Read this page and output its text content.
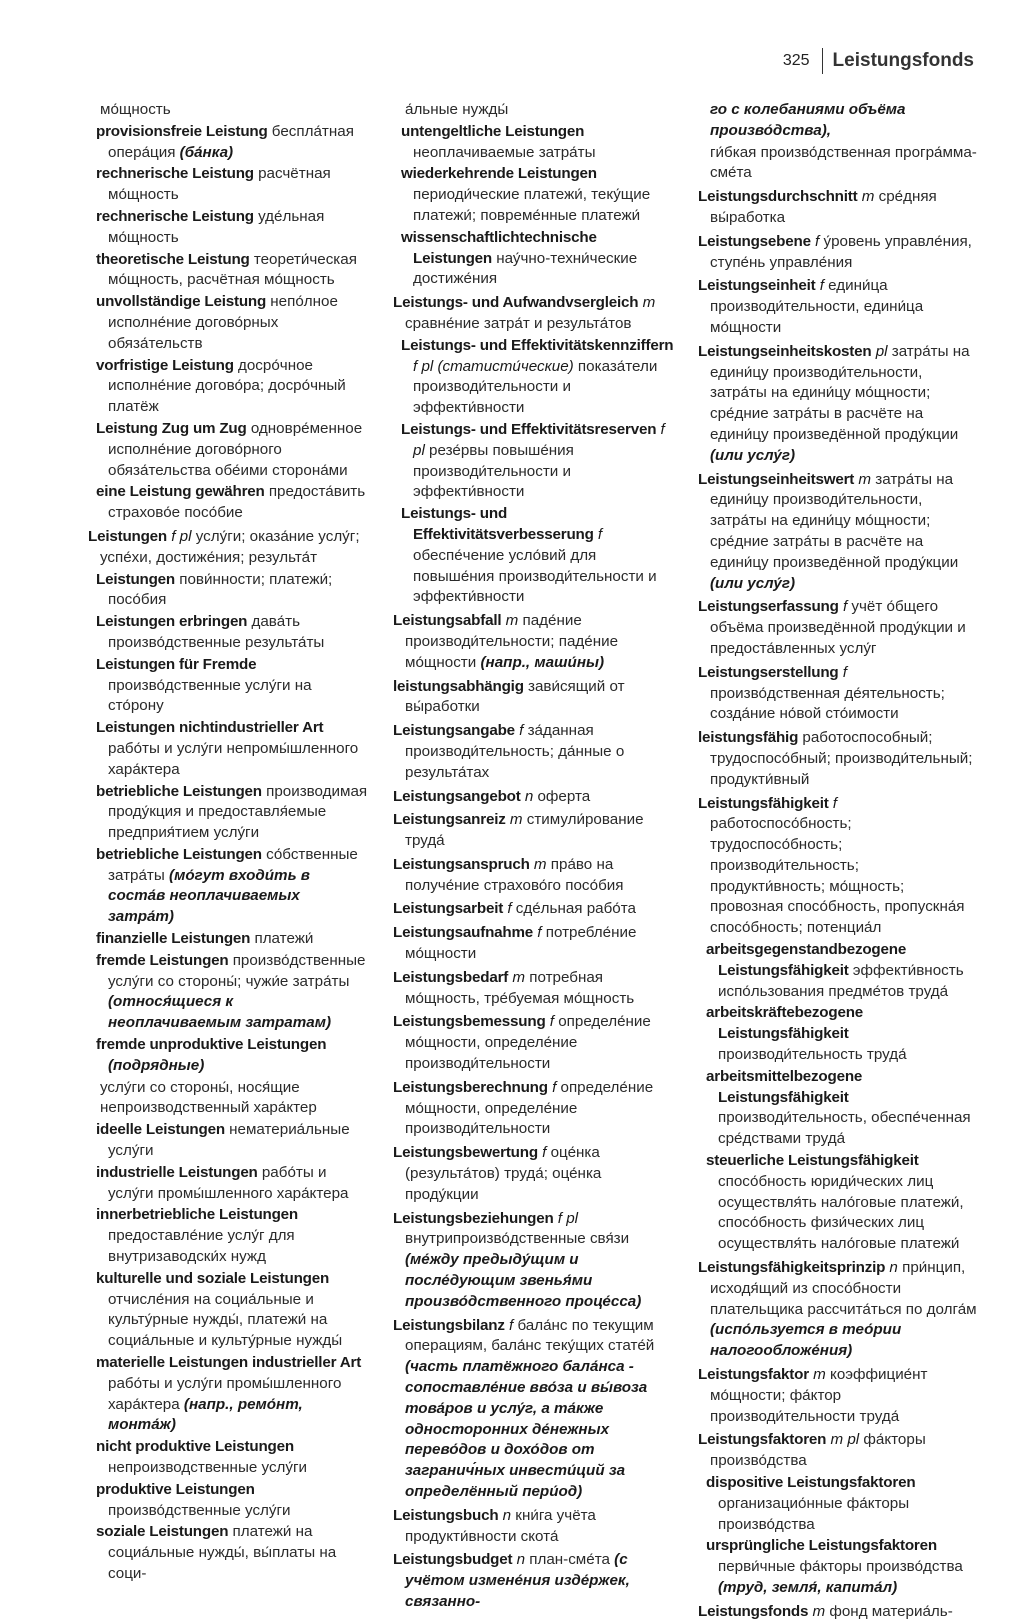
325 Leistungsfonds

мо́щность

provisionsfreie Leistung беспла́тная опера́ция (ба́нка)

rechnerische Leistung расчётная мо́щность

rechnerische Leistung уде́льная мо́щность

theoretische Leistung теорети́ческая мо́щность, расчётная мо́щность

unvollständige Leistung непо́лное исполне́ние догово́рных обяза́тельств

vorfristige Leistung досро́чное исполне́ние догово́ра; досро́чный платёж

Leistung Zug um Zug одновре́менное исполне́ние догово́рного обяза́тельства обе́ими сторона́ми

eine Leistung gewähren предоста́вить страхово́е посо́бие

Leistungen f pl услу́ги; оказа́ние услу́г; успе́хи, достиже́ния; результа́т

Leistungen пови́нности; платежи́; посо́бия

Leistungen erbringen дава́ть произво́дственные результа́ты

Leistungen für Fremde произво́дственные услу́ги на сто́рону

Leistungen nichtindustrieller Art рабо́ты и услу́ги непромы́шленного хара́ктера

betriebliche Leistungen производимая проду́кция и предоставля́емые предприя́тием услу́ги

betriebliche Leistungen со́бственные затра́ты (мо́гут входи́ть в соста́в неоплачиваемых затра́т)

finanzielle Leistungen платежи́

fremde Leistungen произво́дственные услу́ги со стороны́; чужи́е затра́ты (относя́щиеся к неоплачиваемым затратам)

fremde unproduktive Leistungen (подрядные)

услу́ги со стороны́, нося́щие непроизводственный хара́ктер

ideelle Leistungen нематериа́льные услу́ги

industrielle Leistungen рабо́ты и услу́ги промы́шленного хара́ктера

innerbetriebliche Leistungen предоставле́ние услу́г для внутризаводски́х нужд

kulturelle und soziale Leistungen отчисле́ния на социа́льные и культу́рные нужды́, платежи́ на социа́льные и культу́рные нужды́

materielle Leistungen industrieller Art рабо́ты и услу́ги промы́шленного хара́ктера (напр., ремо́нт, монта́ж)

nicht produktive Leistungen непроизводственные услу́ги

produktive Leistungen произво́дственные услу́ги

soziale Leistungen платежи́ на социа́льные нужды́, вы́платы на соци-

а́льные нужды́

untengeltliche Leistungen неоплачиваемые затра́ты

wiederkehrende Leistungen периоди́ческие платежи́, теку́щие платежи́; повреме́нные платежи́

wissenschaftlichtechnische Leistungen нау́чно-техни́ческие достиже́ния

Leistungs- und Aufwandvsergleich m сравне́ние затра́т и результа́тов

Leistungs- und Effektivitätskennziffern f pl (статисти́ческие) показа́тели производи́тельности и эффекти́вности

Leistungs- und Effektivitätsreserven f pl резе́рвы повыше́ния производи́тельности и эффекти́вности

Leistungs- und Effektivitätsverbesserung f обеспе́чение усло́вий для повыше́ния производи́тельности и эффекти́вности

Leistungsabfall m паде́ние производи́тельности; паде́ние мо́щности (напр., маши́ны)

leistungsabhängig зави́сящий от вы́работки

Leistungsangabe f за́данная производи́тельность; да́нные о результа́тах

Leistungsangebot n оферта

Leistungsanreiz m стимули́рование труда́

Leistungsanspruch m пра́во на получе́ние страхово́го посо́бия

Leistungsarbeit f сде́льная рабо́та

Leistungsaufnahme f потребле́ние мо́щности

Leistungsbedarf m потребная мо́щность, тре́буемая мо́щность

Leistungsbemessung f определе́ние мо́щности, определе́ние производи́тельности

Leistungsberechnung f определе́ние мо́щности, определе́ние производи́тельности

Leistungsbewertung f оце́нка (результа́тов) труда́; оце́нка проду́кции

Leistungsbeziehungen f pl внутрипроизво́дственные свя́зи (ме́жду предыду́щим и после́дующим звенья́ми произво́дственного проце́сса)

Leistungsbilanz f бала́нс по текущим операциям, бала́нс теку́щих стате́й (часть платёжного бала́нса - сопоставле́ние вво́за и вы́воза това́ров и услу́г, а та́кже односторонних де́нежных перево́дов и дохо́дов от загранич́ных инвести́ций за определённый пери́од)

Leistungsbuch n кни́га учёта продукти́вности скота́

Leistungsbudget n план-сме́та (с учётом измене́ния изде́ржек, связанно-

го с колебаниями объёма произво́дства),

ги́бкая произво́дственная програ́мма-сме́та

Leistungsdurchschnitt m сре́дняя вы́работка

Leistungsebene f у́ровень управле́ния, ступе́нь управле́ния

Leistungseinheit f едини́ца производи́тельности, едини́ца мо́щности

Leistungseinheitskosten pl затра́ты на едини́цу производи́тельности, затра́ты на едини́цу мо́щности; сре́дние затра́ты в расчёте на едини́цу произведённой проду́кции (или услу́г)

Leistungseinheitswert m затра́ты на едини́цу производи́тельности, затра́ты на едини́цу мо́щности; сре́дние затра́ты в расчёте на едини́цу произведённой проду́кции (или услу́г)

Leistungserfassung f учёт о́бщего объёма произведённой проду́кции и предоста́вленных услу́г

Leistungserstellung f произво́дственная де́ятельность; созда́ние но́вой сто́имости

leistungsfähig работоспособный; трудоспосо́бный; производи́тельный; продукти́вный

Leistungsfähigkeit f работоспосо́бность; трудоспосо́бность; производи́тельность; продукти́вность; мо́щность; провозная спосо́бность, пропускна́я спосо́бность; потенциа́л

arbeitsgegenstandbezogene Leistungsfähigkeit эффекти́вность испо́льзования предме́тов труда́

arbeitskräftebezogene Leistungsfähigkeit производи́тельность труда́

arbeitsmittelbezogene Leistungsfähigkeit производи́тельность, обеспе́ченная сре́дствами труда́

steuerliche Leistungsfähigkeit спосо́бность юриди́ческих лиц осуществля́ть нало́говые платежи́, спосо́бность физи́ческих лиц осуществля́ть нало́говые платежи́

Leistungsfähigkeitsprinzip n при́нцип, исходя́щий из спосо́бности плательщика рассчита́ться по долга́м (испо́льзуется в тео́рии налогообложе́ния)

Leistungsfaktor m коэффицие́нт мо́щности; фа́ктор производи́тельности труда́

Leistungsfaktoren m pl фа́кторы произво́дства

dispositive Leistungsfaktoren организацио́нные фа́кторы произво́дства

ursprüngliche Leistungsfaktoren перви́чные фа́кторы произво́дства (труд, земля́, капита́л)

Leistungsfonds m фонд материа́ль-
